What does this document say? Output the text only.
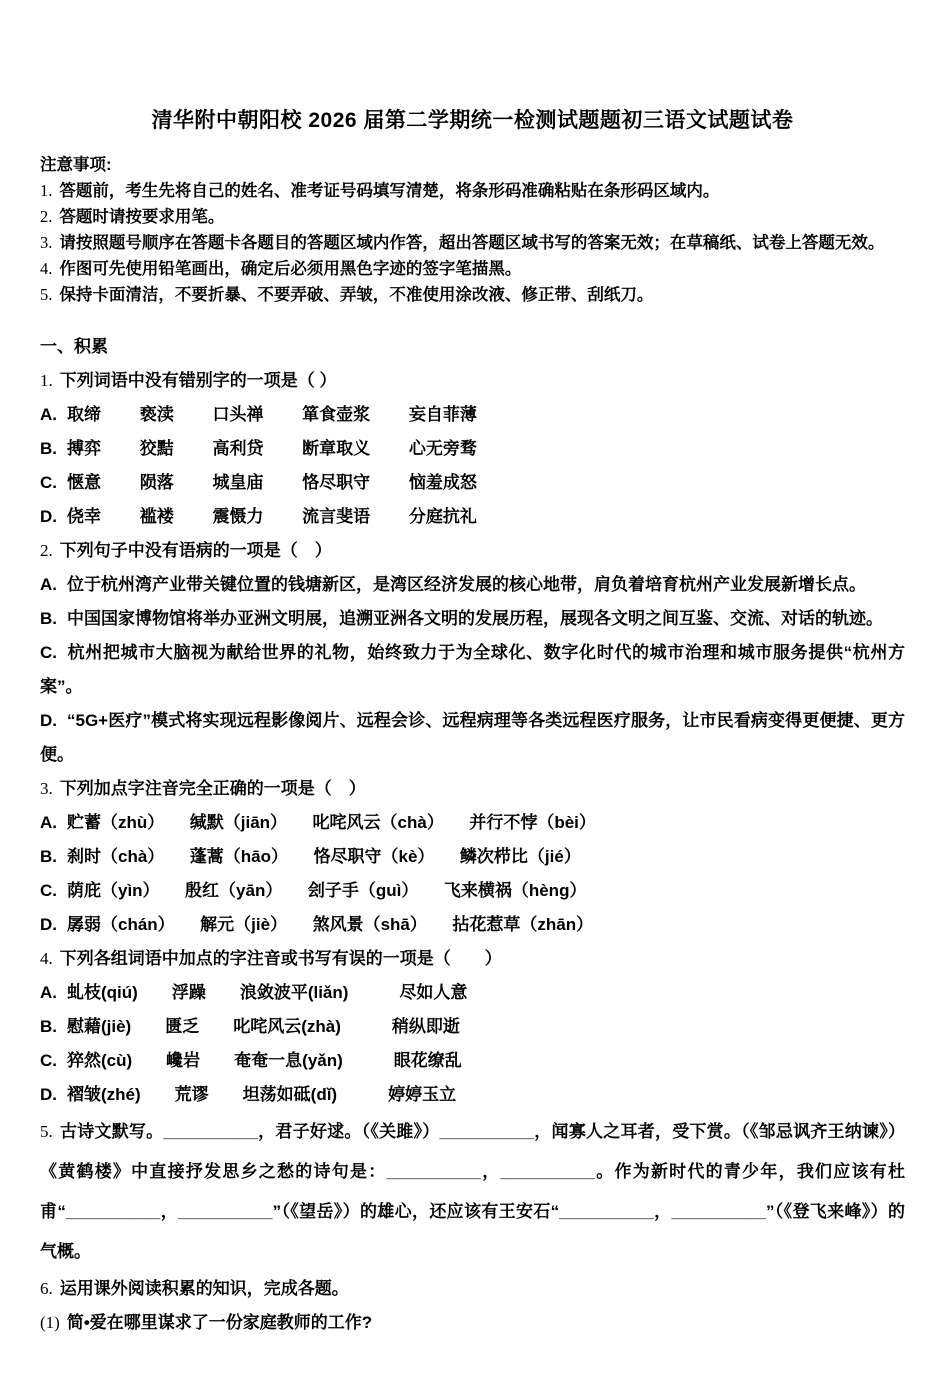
清华附中朝阳校 2026 届第二学期统一检测试题题初三语文试题试卷
注意事项:
1. 答题前，考生先将自己的姓名、准考证号码填写清楚，将条形码准确粘贴在条形码区域内。
2. 答题时请按要求用笔。
3. 请按照题号顺序在答题卡各题目的答题区域内作答，超出答题区域书写的答案无效；在草稿纸、试卷上答题无效。
4. 作图可先使用铅笔画出，确定后必须用黑色字迹的签字笔描黑。
5. 保持卡面清洁，不要折暴、不要弄破、弄皱，不准使用涂改液、修正带、刮纸刀。
一、积累
1. 下列词语中没有错别字的一项是（ ）
A. 取缔　　 亵渎　　 口头禅　　 箪食壶浆　　 妄自菲薄
B. 搏弈　　 狡黠　　 高利贷　　 断章取义　　 心无旁骛
C. 惬意　　 陨落　　 城皇庙　　 恪尽职守　　 恼羞成怒
D. 侥幸　　 褴褛　　 震慑力　　 流言斐语　　 分庭抗礼
2. 下列句子中没有语病的一项是（　）
A. 位于杭州湾产业带关键位置的钱塘新区，是湾区经济发展的核心地带，肩负着培育杭州产业发展新增长点。
B. 中国国家博物馆将举办亚洲文明展，追溯亚洲各文明的发展历程，展现各文明之间互鉴、交流、对话的轨迹。
C. 杭州把城市大脑视为献给世界的礼物，始终致力于为全球化、数字化时代的城市治理和城市服务提供“杭州方案”。
D. “5G+医疗”模式将实现远程影像阅片、远程会诊、远程病理等各类远程医疗服务，让市民看病变得更便捷、更方便。
3. 下列加点字注音完全正确的一项是（　）
A. 贮蓄（zhù）　　缄默（jiān）　　叱咤风云（chà）　　并行不悖（bèi）
B. 刹时（chà）　　蓬蒿（hāo）　　恪尽职守（kè）　　鳞次栉比（jié）
C. 荫庇（yìn）　　殷红（yān）　　刽子手（guì）　　飞来横祸（hèng）
D. 孱弱（chán）　　解元（jiè）　　煞风景（shā）　　拈花惹草（zhān）
4. 下列各组词语中加点的字注音或书写有误的一项是（　　）
A. 虬枝(qiú)　　浮躁　　浪敛波平(liǎn)　　　尽如人意
B. 慰藉(jiè)　　匮乏　　叱咤风云(zhà)　　　稍纵即逝
C. 猝然(cù)　　巉岩　　奄奄一息(yǎn)　　　眼花缭乱
D. 褶皱(zhé)　　荒谬　　坦荡如砥(dǐ)　　　婷婷玉立
5. 古诗文默写。__________，君子好逑。（《关雎》）__________，闻寡人之耳者，受下赏。（《邹忌讽齐王纳谏》）《黄鹤楼》中直接抒发思乡之愁的诗句是：__________，__________。作为新时代的青少年，我们应该有杜甫“__________，__________”（《望岳》）的雄心，还应该有王安石“__________，__________”（《登飞来峰》）的气概。
6. 运用课外阅读积累的知识，完成各题。
(1) 简•爱在哪里谋求了一份家庭教师的工作?
